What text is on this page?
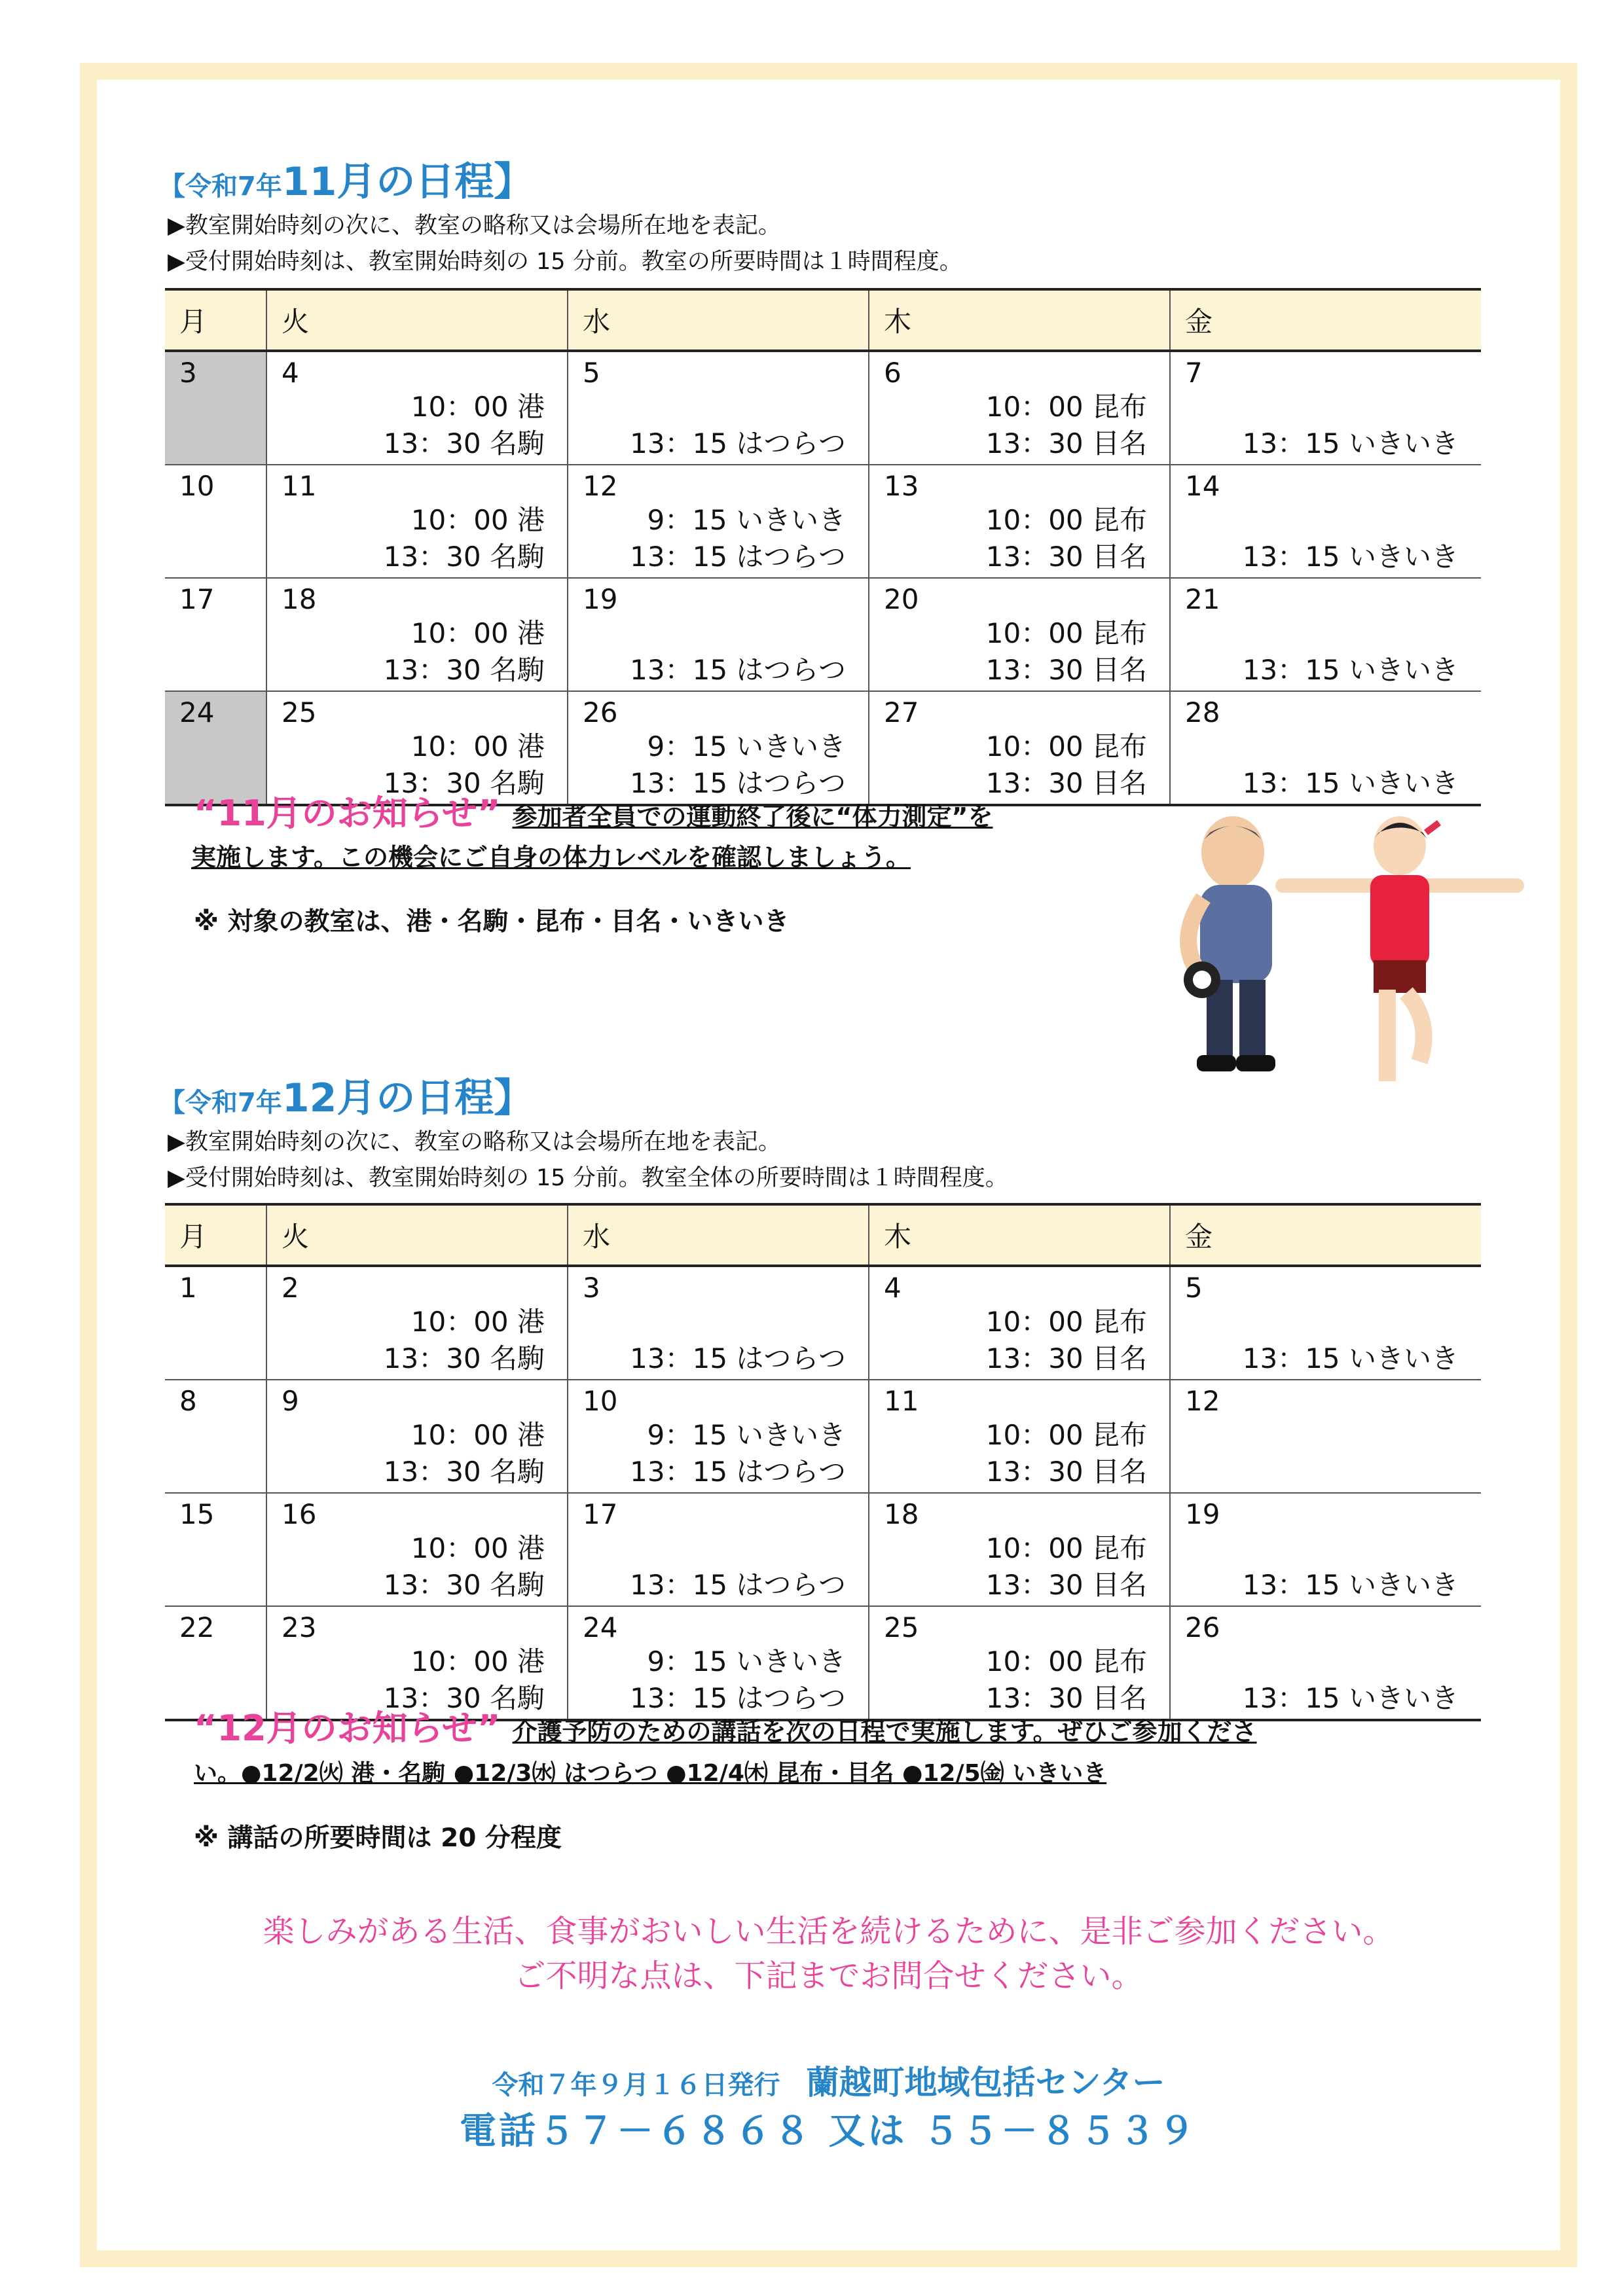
【令和7年11月の日程】
▶教室開始時刻の次に、教室の略称又は会場所在地を表記。
▶受付開始時刻は、教室開始時刻の 15 分前。教室の所要時間は１時間程度。
月	火	水	木	金

3	4
10：00 港
13：30 名駒	5
13：15 はつらつ	6
10：00 昆布
13：30 目名	7
13：15 いきいき

10	11
10：00 港
13：30 名駒	12
9：15 いきいき
13：15 はつらつ	13
10：00 昆布
13：30 目名	14
13：15 いきいき

17	18
10：00 港
13：30 名駒	19
13：15 はつらつ	20
10：00 昆布
13：30 目名	21
13：15 いきいき

24	25
10：00 港
13：30 名駒	26
9：15 いきいき
13：15 はつらつ	27
10：00 昆布
13：30 目名	28
13：15 いきいき
“11月のお知らせ” 参加者全員での運動終了後に“体力測定”を
実施します。この機会にご自身の体力レベルを確認しましょう。
※ 対象の教室は、港・名駒・昆布・目名・いきいき
【令和7年12月の日程】
▶教室開始時刻の次に、教室の略称又は会場所在地を表記。
▶受付開始時刻は、教室開始時刻の 15 分前。教室全体の所要時間は１時間程度。
月	火	水	木	金

1	2
10：00 港
13：30 名駒	3
13：15 はつらつ	4
10：00 昆布
13：30 目名	5
13：15 いきいき

8	9
10：00 港
13：30 名駒	10
9：15 いきいき
13：15 はつらつ	11
10：00 昆布
13：30 目名	12

15	16
10：00 港
13：30 名駒	17
13：15 はつらつ	18
10：00 昆布
13：30 目名	19
13：15 いきいき

22	23
10：00 港
13：30 名駒	24
9：15 いきいき
13：15 はつらつ	25
10：00 昆布
13：30 目名	26
13：15 いきいき
“12月のお知らせ” 介護予防のための講話を次の日程で実施します。ぜひご参加くださ
い。●12/2㈫ 港・名駒 ●12/3㈬ はつらつ ●12/4㈭ 昆布・目名 ●12/5㈮ いきいき
※ 講話の所要時間は 20 分程度
楽しみがある生活、食事がおいしい生活を続けるために、是非ご参加ください。
ご不明な点は、下記までお問合せください。
令和７年９月１６日発行 蘭越町地域包括センター
電話５７－６８６８ 又は ５５－８５３９
